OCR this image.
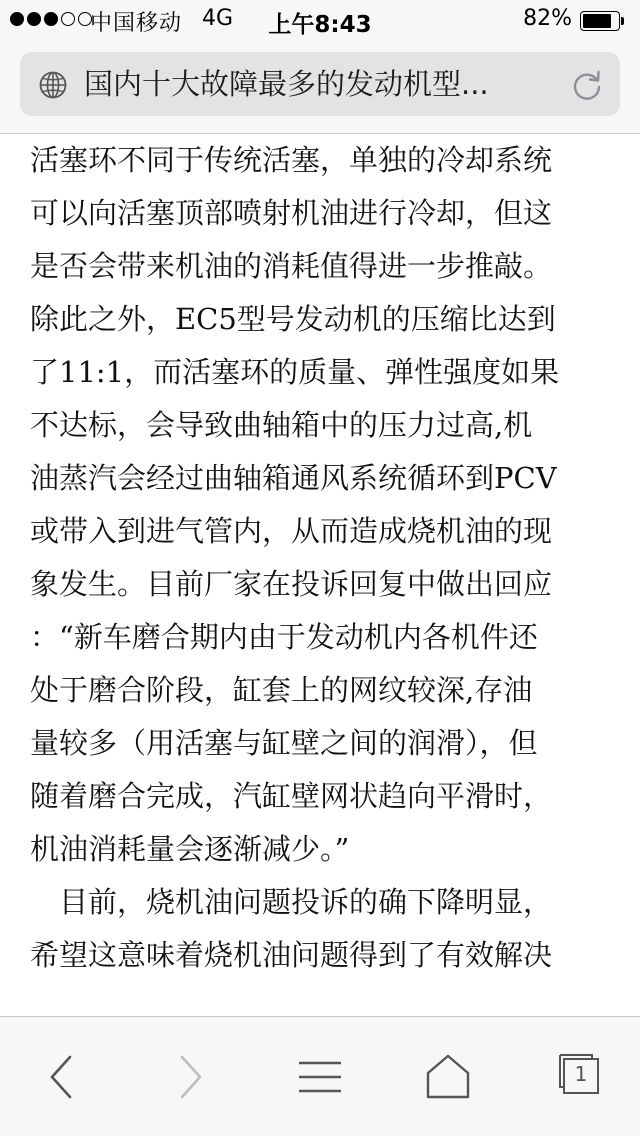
中国移动 4G	上午8:43	82%
国内十大故障最多的发动机型...
活塞环不同于传统活塞，单独的冷却系统
可以向活塞顶部喷射机油进行冷却，但这
是否会带来机油的消耗值得进一步推敲。
除此之外，EC5型号发动机的压缩比达到
了11:1，而活塞环的质量、弹性强度如果
不达标，会导致曲轴箱中的压力过高,机
油蒸汽会经过曲轴箱通风系统循环到PCV
或带入到进气管内，从而造成烧机油的现
象发生。目前厂家在投诉回复中做出回应
：“新车磨合期内由于发动机内各机件还
处于磨合阶段，缸套上的网纹较深,存油
量较多（用活塞与缸壁之间的润滑），但
随着磨合完成，汽缸壁网状趋向平滑时，
机油消耗量会逐渐减少。”
　目前，烧机油问题投诉的确下降明显，
希望这意味着烧机油问题得到了有效解决
1
